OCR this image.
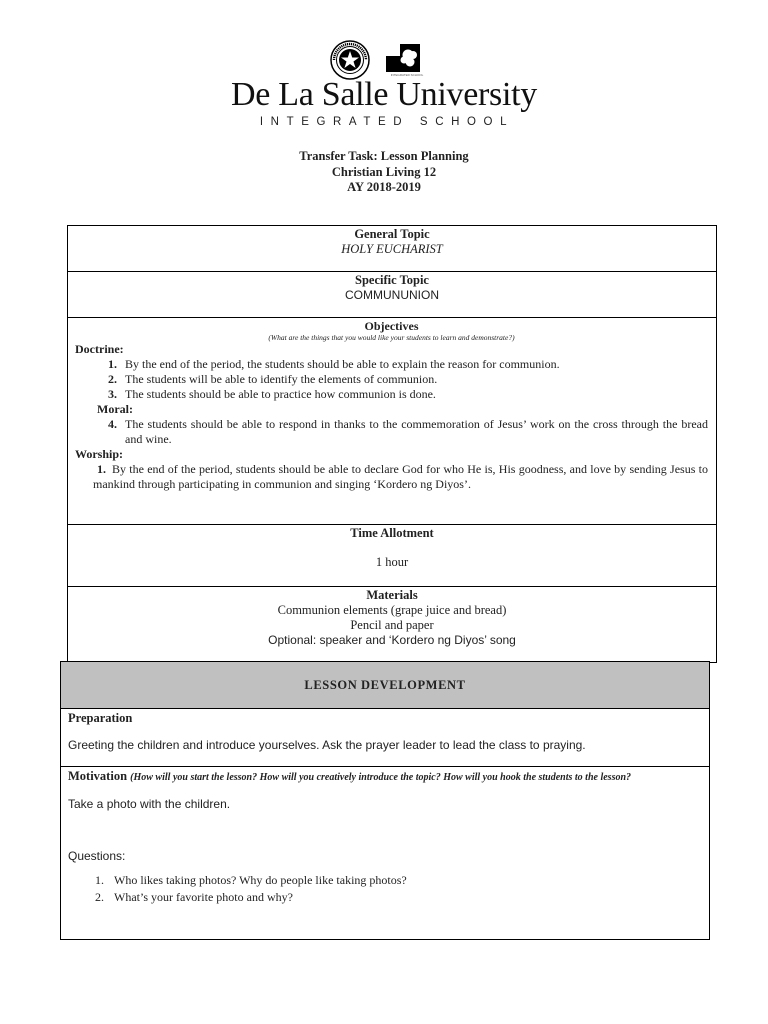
INTEGRATED SCHOOL
De La Salle University
INTEGRATED SCHOOL
Transfer Task: Lesson Planning
Christian Living 12
AY 2018-2019
General Topic
HOLY EUCHARIST
Specific Topic
COMMUNUNION
Objectives
(What are the things that you would like your students to learn and demonstrate?)
Doctrine:
1. By the end of the period, the students should be able to explain the reason for communion.
2. The students will be able to identify the elements of communion.
3. The students should be able to practice how communion is done.
Moral:
4. The students should be able to respond in thanks to the commemoration of Jesus’ work on the cross through the bread and wine.
Worship:
1. By the end of the period, students should be able to declare God for who He is, His goodness, and love by sending Jesus to mankind through participating in communion and singing ‘Kordero ng Diyos’.
Time Allotment
1 hour
Materials
Communion elements (grape juice and bread)
Pencil and paper
Optional: speaker and ‘Kordero ng Diyos’ song
LESSON DEVELOPMENT
Preparation
Greeting the children and introduce yourselves. Ask the prayer leader to lead the class to praying.
Motivation (How will you start the lesson? How will you creatively introduce the topic? How will you hook the students to the lesson?
Take a photo with the children.
Questions:
1. Who likes taking photos? Why do people like taking photos?
2. What’s your favorite photo and why?
